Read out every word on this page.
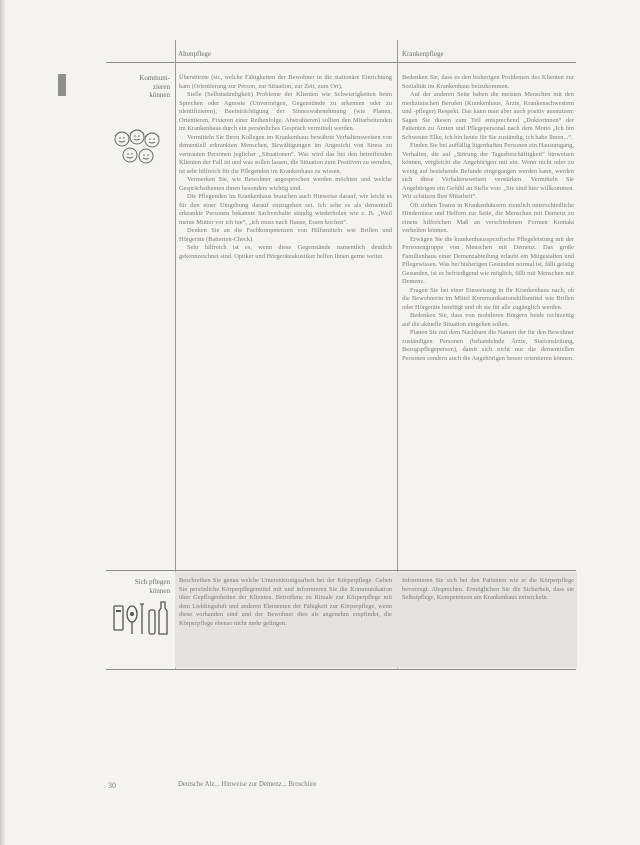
Altenpflege	Krankenpflege
Kommuni-
zieren
können

Überstürzte (sic, welche Fähigkeiten der Bewohner in die stationäre Einrichtung kam (Orientierung zur Person, zur Situation, zur Zeit, zum Ort).

Stelle (Selbstständigkeit) Probleme der Klienten wie Schwierigkeiten beim Sprechen oder Agnosie (Unvermögen, Gegenstände zu erkennen oder zu identifizieren), Beeinträchtigung der Sinneswahrnehmung (wie Planen, Orientieren, Fixieren einer Reihenfolge. Abstrahieren) sollten den Mitarbeitenden im Krankenhaus durch ein persönliches Gespräch vermittelt werden.

Vermitteln Sie Ihren Kollegen im Krankenhaus bewährte Verhaltensweisen von dementiell erkrankten Menschen, Bewältigungen im Angesicht von Stress zu vertrauten Personen jeglicher „Situationen“. Was wird das bei den betreffenden Klienten der Fall ist und was sollen lassen, die Situation zum Positiven zu wenden, ist sehr hilfreich für die Pflegenden im Krankenhaus zu wissen.

Vermerken Sie, wie Bewohner angesprochen werden möchten und welche Gesprächsthemen ihnen besonders wichtig sind.

Die Pflegenden im Krankenhaus brauchen auch Hinweise darauf, wie leicht es für den einer Umgebung darauf einzugehen sei. Ich sehe es als dementiell erkrankte Personen bekannte Sachverhalte ständig wiederholen wie z. B. „Weil meine Mutter vor ich tue“, „ich muss nach Hause, Essen kochen“.

Denken Sie an die Fachkompetenzen von Hilfsmitteln wie Brillen und Hörgeräte (Batterien-Check).

Sehr hilfreich ist es, wenn diese Gegenstände namentlich deutlich gekennzeichnet sind. Optiker und Hörgeräteakustiker helfen Ihnen gerne weiter.

Bedenken Sie, dass es den bisherigen Problemen des Klienten zur Sozialität im Krankenhaus beizukommen.

Auf der anderen Seite haben die meisten Menschen mit den medizinischen Berufen (Krankenhaus, Ärzte, Krankenschwestern und -pfleger) Respekt. Das kann man aber auch positiv ausnutzen: Sagen Sie diesen zum Teil entsprechend „Doktorinnen“ der Patienten zu Ärzten und Pflegepersonal nach dem Motto „Ich bin Schwester Elke, ich bin heute für Sie zuständig, ich habe Ihnen...“.

Finden Sie bei auffällig lügenhaften Personen ein Hausumgang, Verhalten, die auf „Störung der Tagesbeschäftigkeit“ hinweisen können, vergleicht die Angehörigen mit ein. Wenn nicht oder zu wenig auf bestehende Befunde eingegangen werden kann, werden sich diese Verhaltensweisen verstärken. Vermitteln Sie Angehörigen ein Gefühl an Stelle von: „Sie sind hier willkommen. Wir schätzen Ihre Mitarbeit“.

Oft stehen Teams in Krankenhäusern ziemlich unterschiedliche Hindernisse und Helfern zur Seite, die Menschen mit Demenz zu einem hilfreichen Maß an verschiedenen Formen Kontakt verhelfen können.

Erwägen Sie die krankenhausspezifische Pflegeleistung mit der Personengruppe von Menschen mit Demenz. Das große Familienhaus einer Demenzabteilung erlaubt ein Mitgestalten und Pflegewissen. Was bei bisherigen Gesunden normal ist, fällt geistig Gesunden, ist es befriedigend wie möglich, fällt mit Menschen mit Demenz.

Fragen Sie bei einer Einweisung in Ihr Krankenhaus nach, ob die Bewohnerin im Mittel Kommunikationshilfsmittel wie Brillen oder Hörgeräte benötigt und ob sie für alle zugänglich werden.

Bedenken Sie, dass von mobileren Bürgern beide rechtzeitig auf die aktuelle Situation eingehen sollen.

Planen Sie mit dem Nachbarn die Namen der für den Bewohner zuständigen Personen (behandelnde Ärzte, Stationsleitung, Bezugspflegeperson), damit sich nicht nur die dementiellen Personen sondern auch die Angehörigen besser orientieren können.

Sich pflegen
können

Beschreiben Sie genau welche Unterstützungsarbeit bei der Körperpflege. Geben Sie persönliche Körperpflegemittel mit und informieren Sie die Kommunikation über Gepflogenheiten der Klienten. Betroffene zu Rituale zur Körperpflege mit dem Lieblingsduft und anderen Elementen der Fähigkeit zur Körperpflege, wenn diese vorhanden sind und der Bewohner dies als angenehm empfindet, die Körperpflege ebenso nicht mehr gelingen.

Informieren Sie sich bei den Patienten wie er die Körperpflege bevorzugt. Absprechen. Ermöglichen Sie die Sicherheit, dass sie Selbstpflege, Kompetenzen am Krankenhaus entwickeln.

30	Deutsche Alz... Hinweise zur Demenz... Broschüre
